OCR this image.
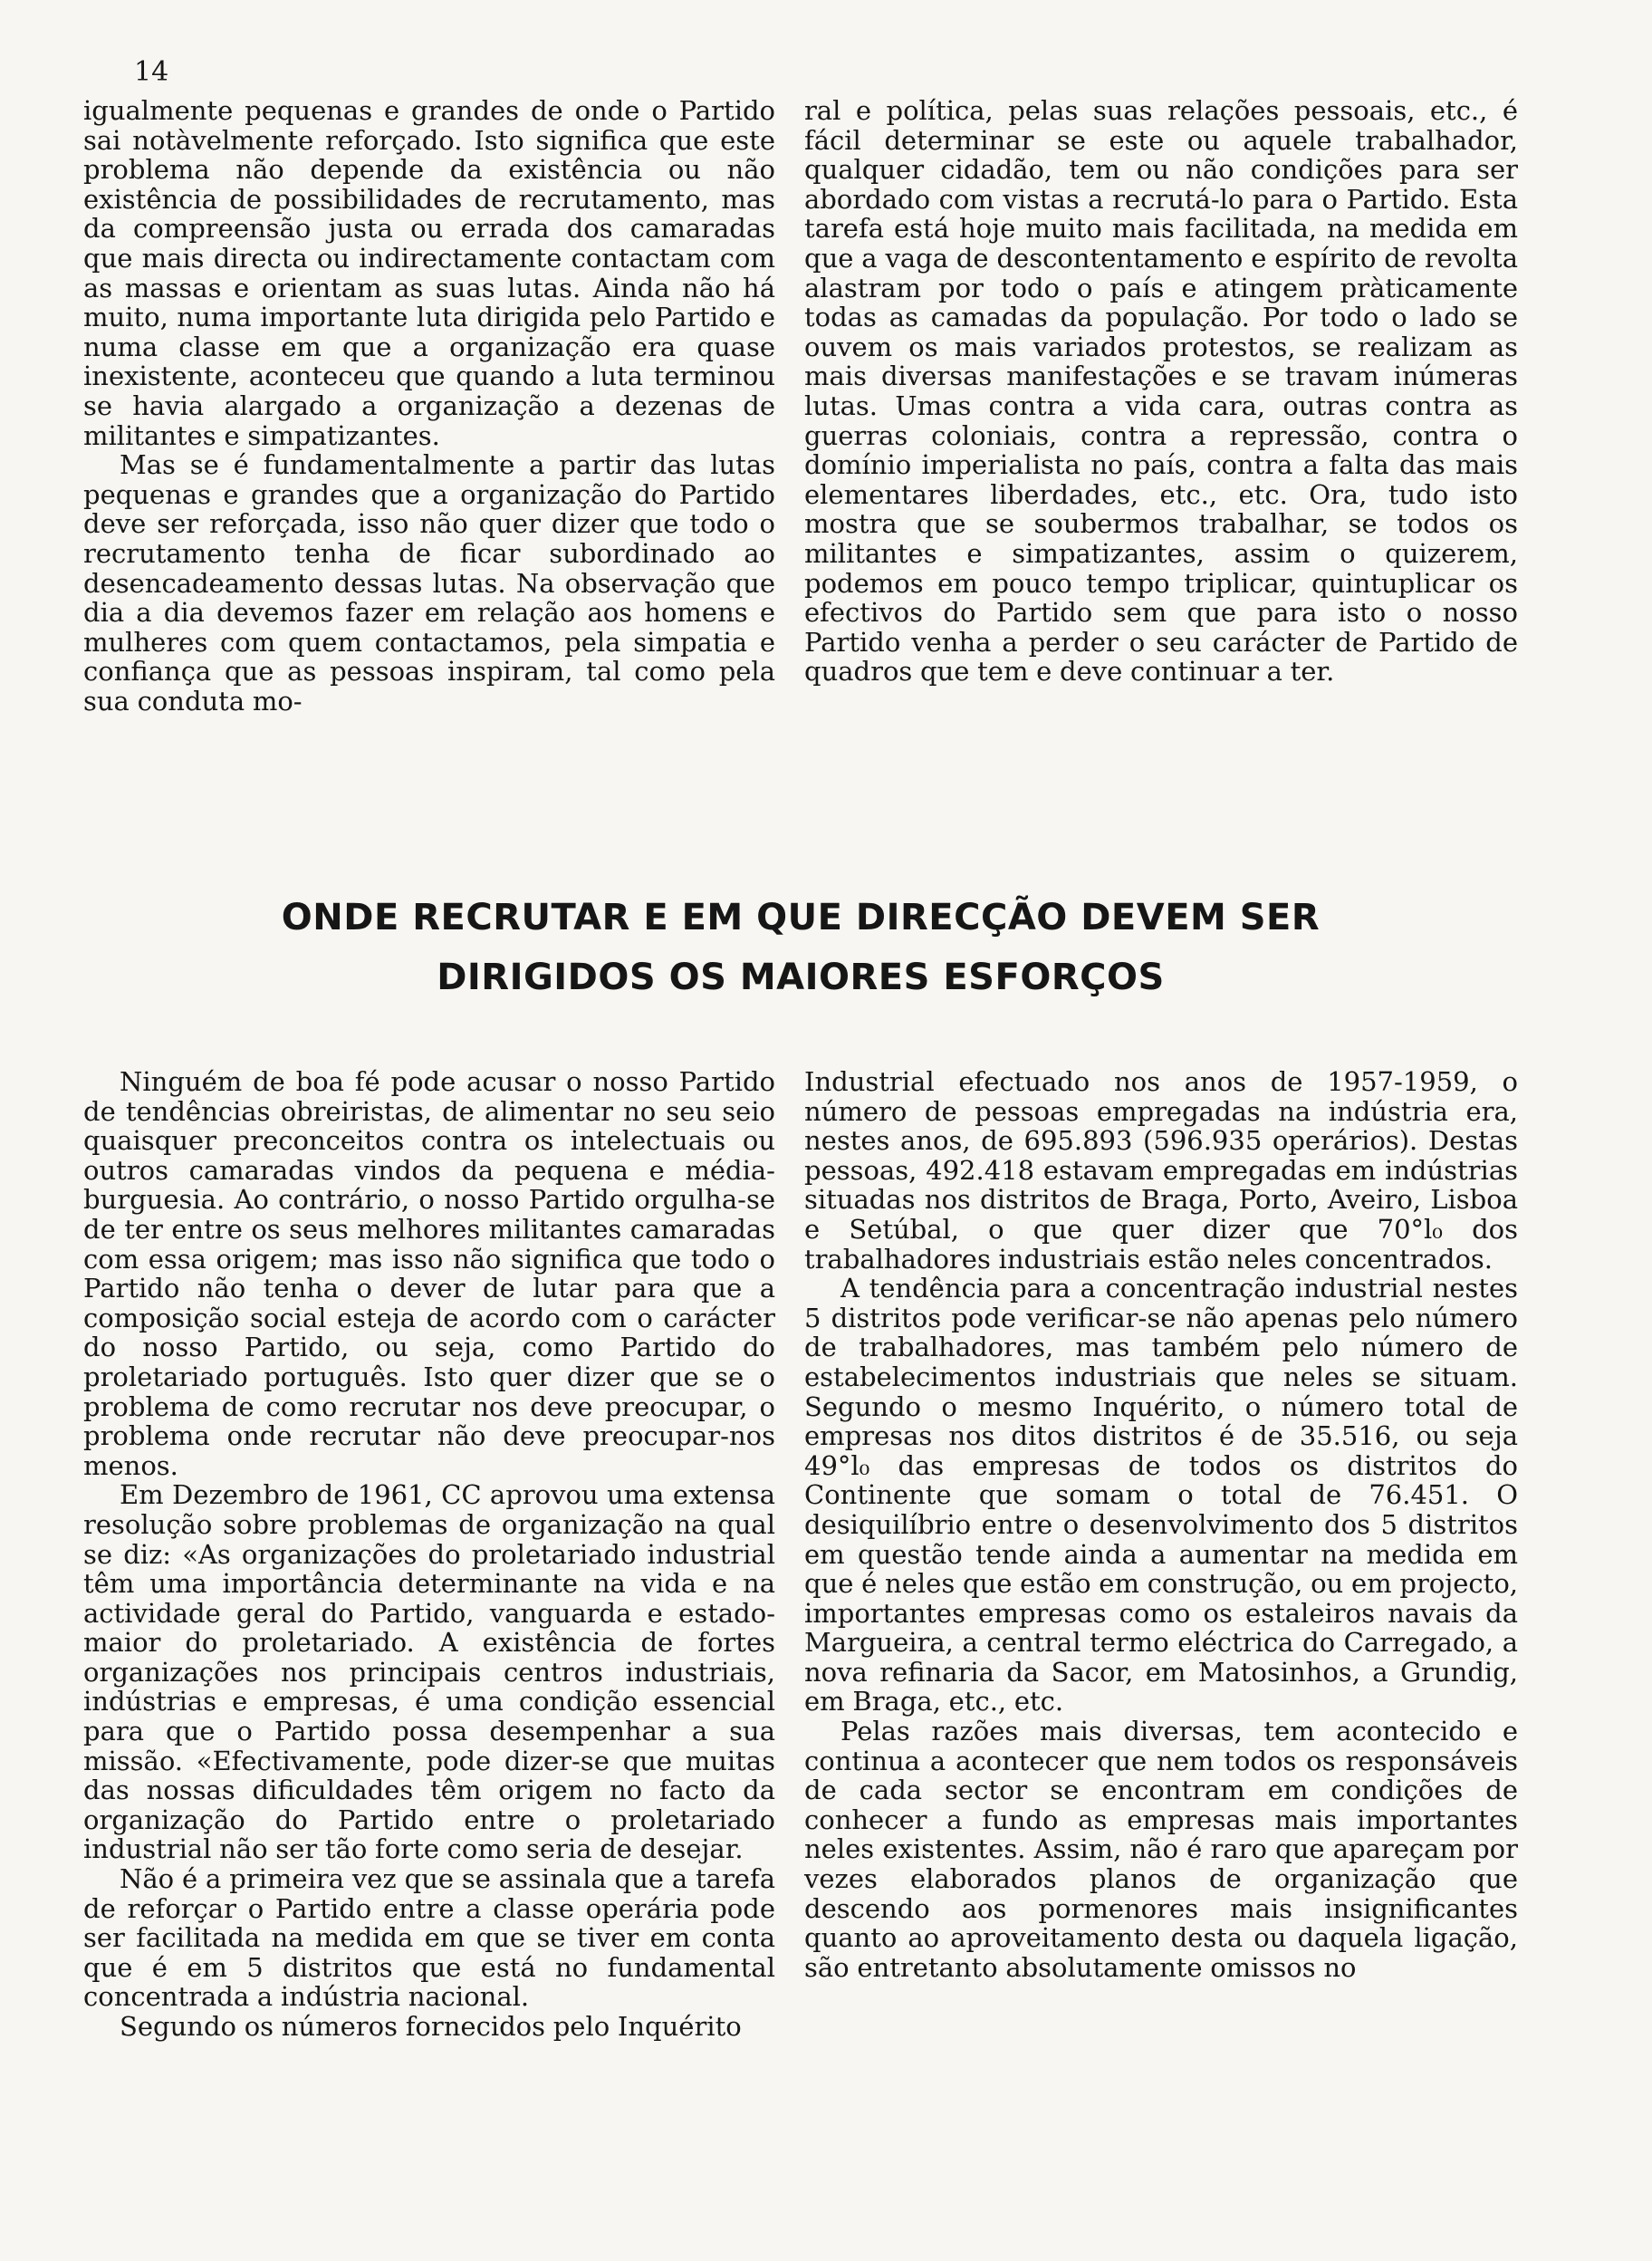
14

igualmente pequenas e grandes de onde o Partido sai notàvelmente reforçado. Isto significa que este problema não depende da existência ou não existência de possibilidades de recrutamento, mas da compreensão justa ou errada dos camaradas que mais directa ou indirectamente contactam com as massas e orientam as suas lutas. Ainda não há muito, numa importante luta dirigida pelo Partido e numa classe em que a organização era quase inexistente, aconteceu que quando a luta terminou se havia alargado a organização a dezenas de militantes e simpatizantes.

Mas se é fundamentalmente a partir das lutas pequenas e grandes que a organização do Partido deve ser reforçada, isso não quer dizer que todo o recrutamento tenha de ficar subordinado ao desencadeamento dessas lutas. Na observação que dia a dia devemos fazer em relação aos homens e mulheres com quem contactamos, pela simpatia e confiança que as pessoas inspiram, tal como pela sua conduta mo-

ral e política, pelas suas relações pessoais, etc., é fácil determinar se este ou aquele trabalhador, qualquer cidadão, tem ou não condições para ser abordado com vistas a recrutá-lo para o Partido. Esta tarefa está hoje muito mais facilitada, na medida em que a vaga de descontentamento e espírito de revolta alastram por todo o país e atingem pràticamente todas as camadas da população. Por todo o lado se ouvem os mais variados protestos, se realizam as mais diversas manifestações e se travam inúmeras lutas. Umas contra a vida cara, outras contra as guerras coloniais, contra a repressão, contra o domínio imperialista no país, contra a falta das mais elementares liberdades, etc., etc. Ora, tudo isto mostra que se soubermos trabalhar, se todos os militantes e simpatizantes, assim o quizerem, podemos em pouco tempo triplicar, quintuplicar os efectivos do Partido sem que para isto o nosso Partido venha a perder o seu carácter de Partido de quadros que tem e deve continuar a ter.

ONDE RECRUTAR E EM QUE DIRECÇÃO DEVEM SER
DIRIGIDOS OS MAIORES ESFORÇOS

Ninguém de boa fé pode acusar o nosso Partido de tendências obreiristas, de alimentar no seu seio quaisquer preconceitos contra os intelectuais ou outros camaradas vindos da pequena e média-burguesia. Ao contrário, o nosso Partido orgulha-se de ter entre os seus melhores militantes camaradas com essa origem; mas isso não significa que todo o Partido não tenha o dever de lutar para que a composição social esteja de acordo com o carácter do nosso Partido, ou seja, como Partido do proletariado português. Isto quer dizer que se o problema de como recrutar nos deve preocupar, o problema onde recrutar não deve preocupar-nos menos.

Em Dezembro de 1961, CC aprovou uma extensa resolução sobre problemas de organização na qual se diz: «As organizações do proletariado industrial têm uma importância determinante na vida e na actividade geral do Partido, vanguarda e estado-maior do proletariado. A existência de fortes organizações nos principais centros industriais, indústrias e empresas, é uma condição essencial para que o Partido possa desempenhar a sua missão. «Efectivamente, pode dizer-se que muitas das nossas dificuldades têm origem no facto da organização do Partido entre o proletariado industrial não ser tão forte como seria de desejar.

Não é a primeira vez que se assinala que a tarefa de reforçar o Partido entre a classe operária pode ser facilitada na medida em que se tiver em conta que é em 5 distritos que está no fundamental concentrada a indústria nacional.

Segundo os números fornecidos pelo Inquérito

Industrial efectuado nos anos de 1957-1959, o número de pessoas empregadas na indústria era, nestes anos, de 695.893 (596.935 operários). Destas pessoas, 492.418 estavam empregadas em indústrias situadas nos distritos de Braga, Porto, Aveiro, Lisboa e Setúbal, o que quer dizer que 70°l₀ dos trabalhadores industriais estão neles concentrados.

A tendência para a concentração industrial nestes 5 distritos pode verificar-se não apenas pelo número de trabalhadores, mas também pelo número de estabelecimentos industriais que neles se situam. Segundo o mesmo Inquérito, o número total de empresas nos ditos distritos é de 35.516, ou seja 49°l₀ das empresas de todos os distritos do Continente que somam o total de 76.451. O desiquilíbrio entre o desenvolvimento dos 5 distritos em questão tende ainda a aumentar na medida em que é neles que estão em construção, ou em projecto, importantes empresas como os estaleiros navais da Margueira, a central termo eléctrica do Carregado, a nova refinaria da Sacor, em Matosinhos, a Grundig, em Braga, etc., etc.

Pelas razões mais diversas, tem acontecido e continua a acontecer que nem todos os responsáveis de cada sector se encontram em condições de conhecer a fundo as empresas mais importantes neles existentes. Assim, não é raro que apareçam por vezes elaborados planos de organização que descendo aos pormenores mais insignificantes quanto ao aproveitamento desta ou daquela ligação, são entretanto absolutamente omissos no
